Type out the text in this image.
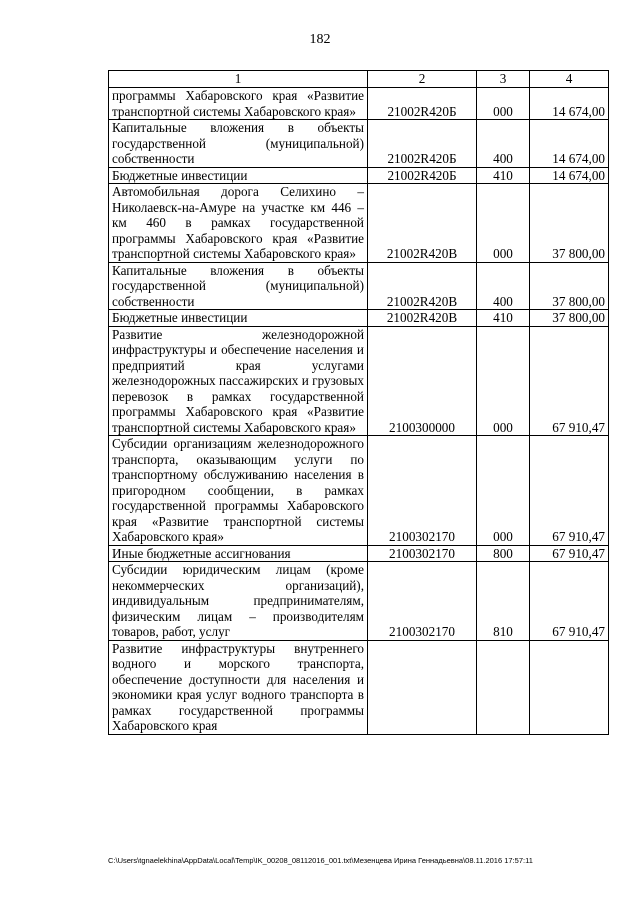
182
1	2	3	4
программы Хабаровского края «Развитие транспортной системы Хабаровского края»	21002R420Б	000	14 674,00
Капитальные вложения в объекты государственной (муниципальной) собственности	21002R420Б	400	14 674,00
Бюджетные инвестиции	21002R420Б	410	14 674,00
Автомобильная дорога Селихино – Николаевск-на-Амуре на участке км 446 – км 460 в рамках государственной программы Хабаровского края «Развитие транспортной системы Хабаровского края»	21002R420В	000	37 800,00
Капитальные вложения в объекты государственной (муниципальной) собственности	21002R420В	400	37 800,00
Бюджетные инвестиции	21002R420В	410	37 800,00
Развитие железнодорожной инфраструктуры и обеспечение населения и предприятий края услугами железнодорожных пассажирских и грузовых перевозок в рамках государственной программы Хабаровского края «Развитие транспортной системы Хабаровского края»	2100300000	000	67 910,47
Субсидии организациям железнодорожного транспорта, оказывающим услуги по транспортному обслуживанию населения в пригородном сообщении, в рамках государственной программы Хабаровского края «Развитие транспортной системы Хабаровского края»	2100302170	000	67 910,47
Иные бюджетные ассигнования	2100302170	800	67 910,47
Субсидии юридическим лицам (кроме некоммерческих организаций), индивидуальным предпринимателям, физическим лицам – производителям товаров, работ, услуг	2100302170	810	67 910,47
Развитие инфраструктуры внутреннего водного и морского транспорта, обеспечение доступности для населения и экономики края услуг водного транспорта в рамках государственной программы Хабаровского края			
C:\Users\tgnaelekhina\AppData\Local\Temp\IK_00208_08112016_001.txt\Мезенцева Ирина Геннадьевна\08.11.2016 17:57:11
